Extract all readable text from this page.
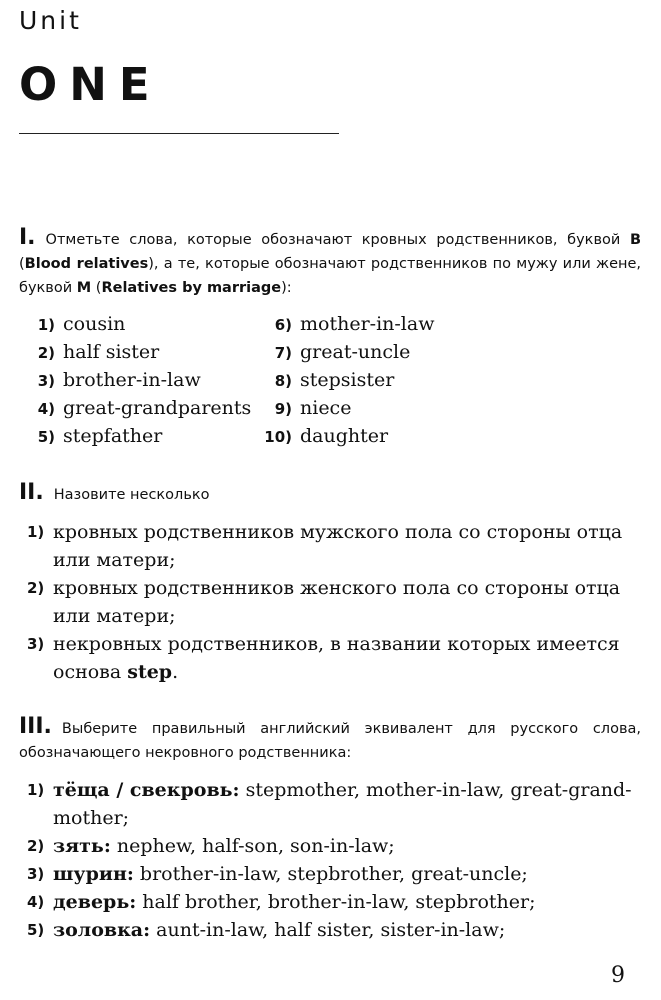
Unit
ONE
I. Отметьте слова, которые обозначают кровных родственников, буквой B (Blood relatives), а те, которые обозначают родственников по мужу или жене, буквой M (Relatives by marriage):
1) cousin
2) half sister
3) brother-in-law
4) great-grandparents
5) stepfather
6) mother-in-law
7) great-uncle
8) stepsister
9) niece
10) daughter
II. Назовите несколько
1) кровных родственников мужского пола со стороны отца или матери;
2) кровных родственников женского пола со стороны отца или матери;
3) некровных родственников, в названии которых имеется основа step.
III. Выберите правильный английский эквивалент для русского слова, обозначающего некровного родственника:
1) тёща / свекровь: stepmother, mother-in-law, great-grand-mother;
2) зять: nephew, half-son, son-in-law;
3) шурин: brother-in-law, stepbrother, great-uncle;
4) деверь: half brother, brother-in-law, stepbrother;
5) золовка: aunt-in-law, half sister, sister-in-law;
9
